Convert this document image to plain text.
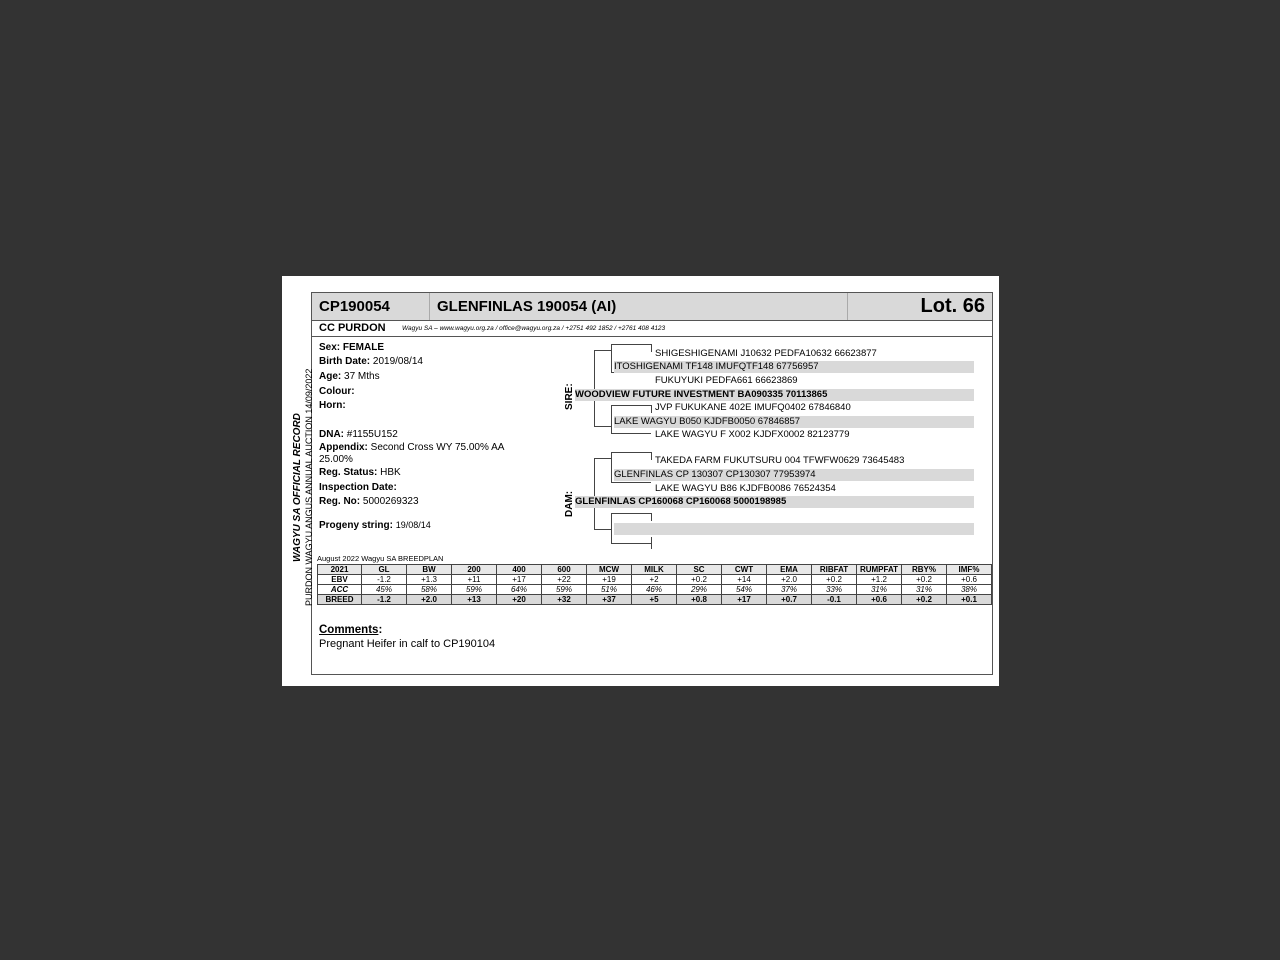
CP190054	GLENFINLAS 190054 (AI)	Lot. 66
CC PURDON	Wagyu SA – www.wagyu.org.za / office@wagyu.org.za / +2751 492 1852 / +2761 408 4123
Sex: FEMALE
Birth Date: 2019/08/14
Age: 37 Mths
Colour:
Horn:
DNA: #1155U152
Appendix: Second Cross WY 75.00% AA
25.00%
Reg. Status: HBK
Inspection Date:
Reg. No: 5000269323
Progeny string: 19/08/14
SIRE:
DAM:
SHIGESHIGENAMI J10632 PEDFA10632 66623877
ITOSHIGENAMI TF148 IMUFQTF148 67756957
FUKUYUKI PEDFA661 66623869
WOODVIEW FUTURE INVESTMENT BA090335 70113865
JVP FUKUKANE 402E IMUFQ0402 67846840
LAKE WAGYU B050 KJDFB0050 67846857
LAKE WAGYU F X002 KJDFX0002 82123779
TAKEDA FARM FUKUTSURU 004 TFWFW0629 73645483
GLENFINLAS CP 130307 CP130307 77953974
LAKE WAGYU B86 KJDFB0086 76524354
GLENFINLAS CP160068 CP160068 5000198985
August 2022 Wagyu SA BREEDPLAN
2021	GL	BW	200	400	600	MCW	MILK	SC	CWT	EMA	RIBFAT	RUMPFAT	RBY%	IMF%
EBV	-1.2	+1.3	+11	+17	+22	+19	+2	+0.2	+14	+2.0	+0.2	+1.2	+0.2	+0.6
ACC	45%	58%	59%	64%	59%	51%	46%	29%	54%	37%	33%	31%	31%	38%
BREED	-1.2	+2.0	+13	+20	+32	+37	+5	+0.8	+17	+0.7	-0.1	+0.6	+0.2	+0.1
Comments:
Pregnant Heifer in calf to CP190104
WAGYU SA OFFICIAL RECORD PURDON WAGYU ANGUS ANNUAL AUCTION 14/09/2022
